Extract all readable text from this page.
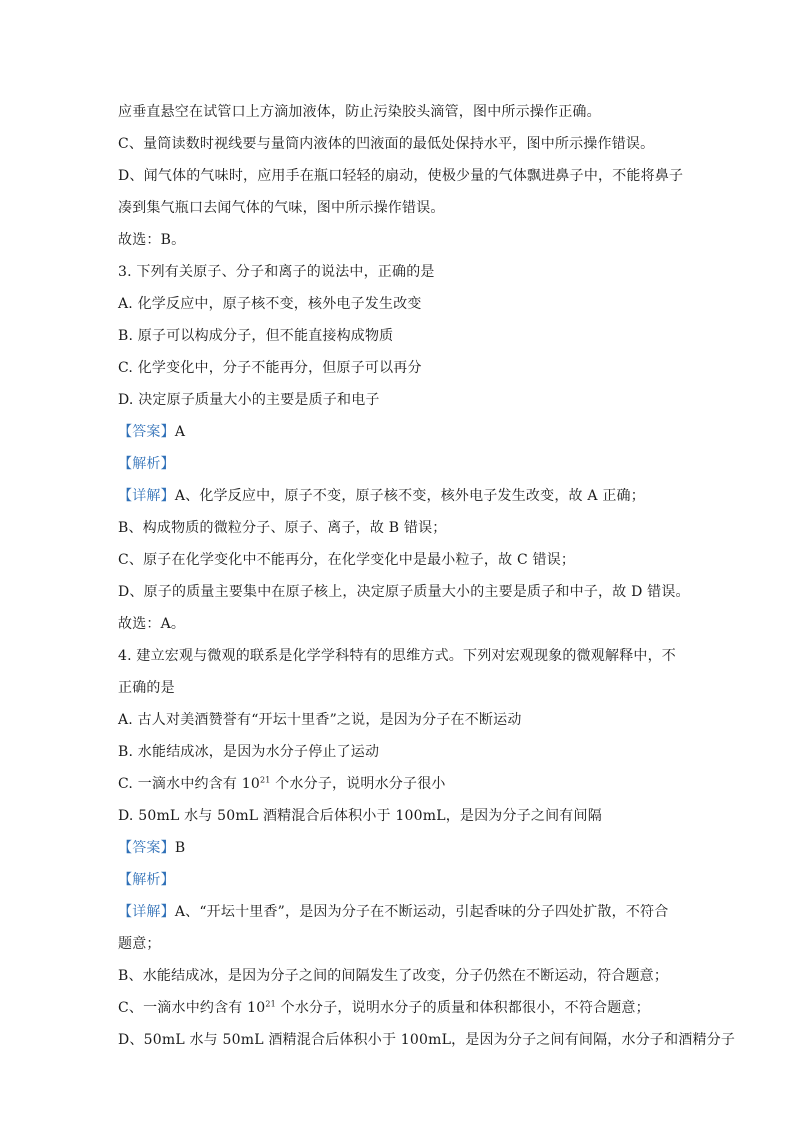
应垂直悬空在试管口上方滴加液体，防止污染胶头滴管，图中所示操作正确。
C、量筒读数时视线要与量筒内液体的凹液面的最低处保持水平，图中所示操作错误。
D、闻气体的气味时，应用手在瓶口轻轻的扇动，使极少量的气体飘进鼻子中，不能将鼻子
凑到集气瓶口去闻气体的气味，图中所示操作错误。
故选：B。
3. 下列有关原子、分子和离子的说法中，正确的是
A. 化学反应中，原子核不变，核外电子发生改变
B. 原子可以构成分子，但不能直接构成物质
C. 化学变化中，分子不能再分，但原子可以再分
D. 决定原子质量大小的主要是质子和电子
【答案】A
【解析】
【详解】A、化学反应中，原子不变，原子核不变，核外电子发生改变，故 A 正确；
B、构成物质的微粒分子、原子、离子，故 B 错误；
C、原子在化学变化中不能再分，在化学变化中是最小粒子，故 C 错误；
D、原子的质量主要集中在原子核上，决定原子质量大小的主要是质子和中子，故 D 错误。
故选：A。
4. 建立宏观与微观的联系是化学学科特有的思维方式。下列对宏观现象的微观解释中，不
正确的是
A. 古人对美酒赞誉有“开坛十里香”之说，是因为分子在不断运动
B. 水能结成冰，是因为水分子停止了运动
C. 一滴水中约含有 $10^{21}$ 个水分子，说明水分子很小
D. 50mL 水与 50mL 酒精混合后体积小于 100mL，是因为分子之间有间隔
【答案】B
【解析】
【详解】A、“开坛十里香”，是因为分子在不断运动，引起香味的分子四处扩散，不符合
题意；
B、水能结成冰，是因为分子之间的间隔发生了改变，分子仍然在不断运动，符合题意；
C、一滴水中约含有 $10^{21}$ 个水分子，说明水分子的质量和体积都很小，不符合题意；
D、50mL 水与 50mL 酒精混合后体积小于 100mL，是因为分子之间有间隔，水分子和酒精分子
